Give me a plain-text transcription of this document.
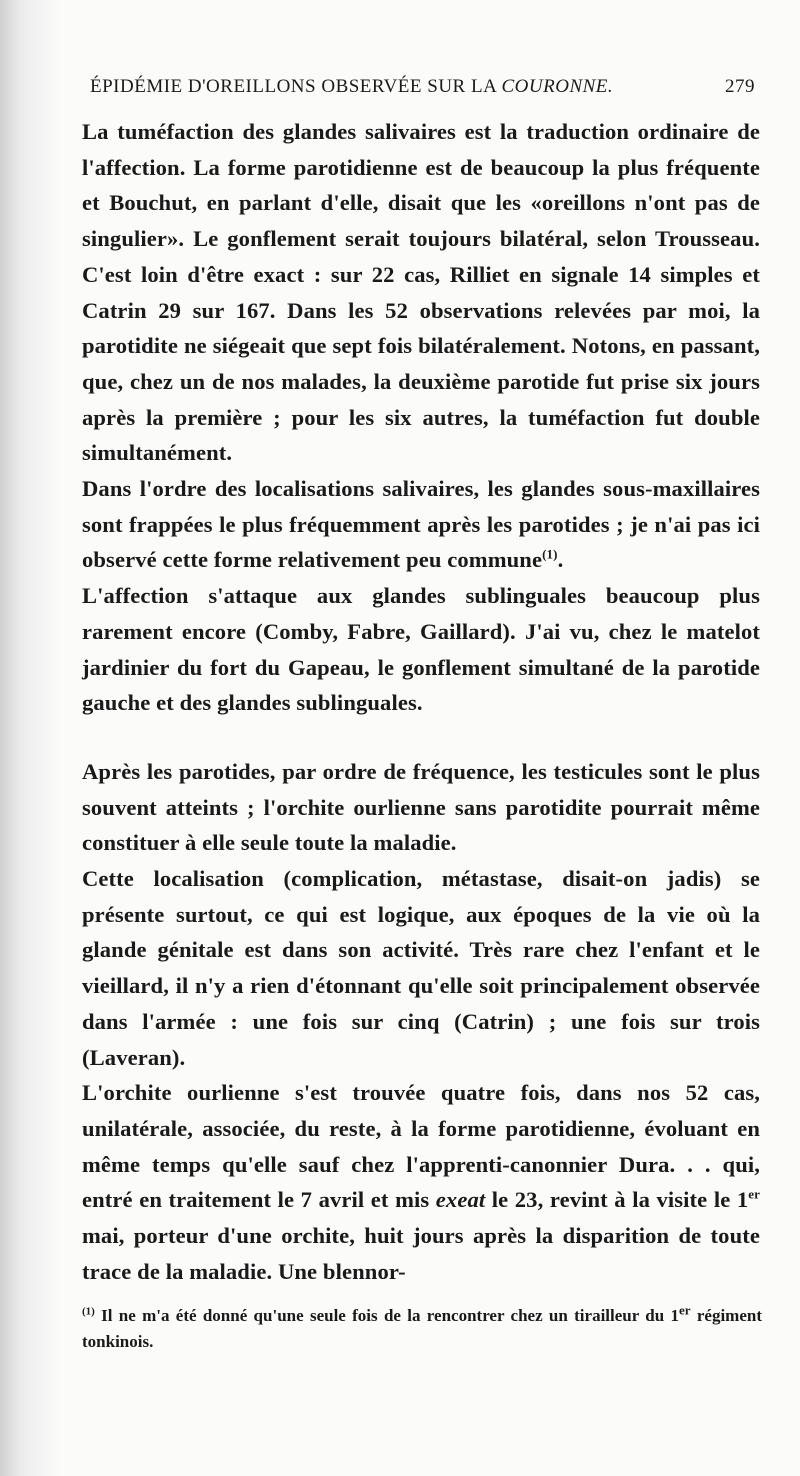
ÉPIDÉMIE D'OREILLONS OBSERVÉE SUR LA COURONNE.	279

La tuméfaction des glandes salivaires est la traduction ordinaire de l'affection. La forme parotidienne est de beaucoup la plus fréquente et Bouchut, en parlant d'elle, disait que les «oreillons n'ont pas de singulier». Le gonflement serait toujours bilatéral, selon Trousseau. C'est loin d'être exact : sur 22 cas, Rilliet en signale 14 simples et Catrin 29 sur 167. Dans les 52 observations relevées par moi, la parotidite ne siégeait que sept fois bilatéralement. Notons, en passant, que, chez un de nos malades, la deuxième parotide fut prise six jours après la première ; pour les six autres, la tuméfaction fut double simultanément.

Dans l'ordre des localisations salivaires, les glandes sous-maxillaires sont frappées le plus fréquemment après les parotides ; je n'ai pas ici observé cette forme relativement peu commune$^{(1)}$.

L'affection s'attaque aux glandes sublinguales beaucoup plus rarement encore (Comby, Fabre, Gaillard). J'ai vu, chez le matelot jardinier du fort du Gapeau, le gonflement simultané de la parotide gauche et des glandes sublinguales.

Après les parotides, par ordre de fréquence, les testicules sont le plus souvent atteints ; l'orchite ourlienne sans parotidite pourrait même constituer à elle seule toute la maladie.

Cette localisation (complication, métastase, disait-on jadis) se présente surtout, ce qui est logique, aux époques de la vie où la glande génitale est dans son activité. Très rare chez l'enfant et le vieillard, il n'y a rien d'étonnant qu'elle soit principalement observée dans l'armée : une fois sur cinq (Catrin) ; une fois sur trois (Laveran).

L'orchite ourlienne s'est trouvée quatre fois, dans nos 52 cas, unilatérale, associée, du reste, à la forme parotidienne, évoluant en même temps qu'elle sauf chez l'apprenti-canonnier Dura. . . qui, entré en traitement le 7 avril et mis exeat le 23, revint à la visite le 1er mai, porteur d'une orchite, huit jours après la disparition de toute trace de la maladie. Une blennor-

$^{(1)}$ Il ne m'a été donné qu'une seule fois de la rencontrer chez un tirailleur du 1er régiment tonkinois.
